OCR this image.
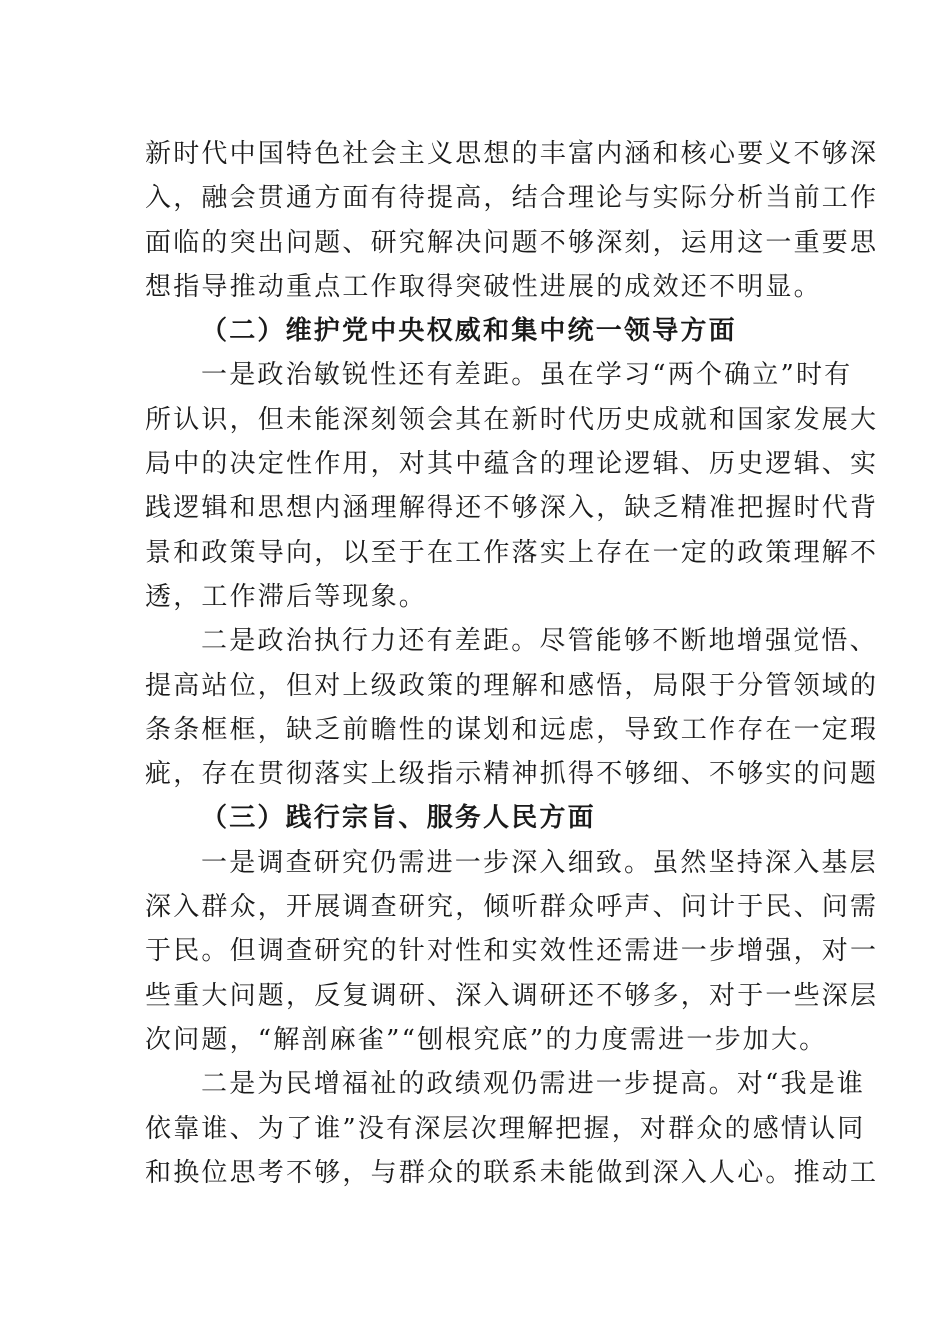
新时代中国特色社会主义思想的丰富内涵和核心要义不够深
入，融会贯通方面有待提高，结合理论与实际分析当前工作
面临的突出问题、研究解决问题不够深刻，运用这一重要思
想指导推动重点工作取得突破性进展的成效还不明显。
（二）维护党中央权威和集中统一领导方面
一是政治敏锐性还有差距。虽在学习“两个确立”时有
所认识，但未能深刻领会其在新时代历史成就和国家发展大
局中的决定性作用，对其中蕴含的理论逻辑、历史逻辑、实
践逻辑和思想内涵理解得还不够深入，缺乏精准把握时代背
景和政策导向，以至于在工作落实上存在一定的政策理解不
透，工作滞后等现象。
二是政治执行力还有差距。尽管能够不断地增强觉悟、
提高站位，但对上级政策的理解和感悟，局限于分管领域的
条条框框，缺乏前瞻性的谋划和远虑，导致工作存在一定瑕
疵，存在贯彻落实上级指示精神抓得不够细、不够实的问题
（三）践行宗旨、服务人民方面
一是调查研究仍需进一步深入细致。虽然坚持深入基层
深入群众，开展调查研究，倾听群众呼声、问计于民、问需
于民。但调查研究的针对性和实效性还需进一步增强，对一
些重大问题，反复调研、深入调研还不够多，对于一些深层
次问题，“解剖麻雀”“刨根究底”的力度需进一步加大。
二是为民增福祉的政绩观仍需进一步提高。对“我是谁
依靠谁、为了谁”没有深层次理解把握，对群众的感情认同
和换位思考不够，与群众的联系未能做到深入人心。推动工
